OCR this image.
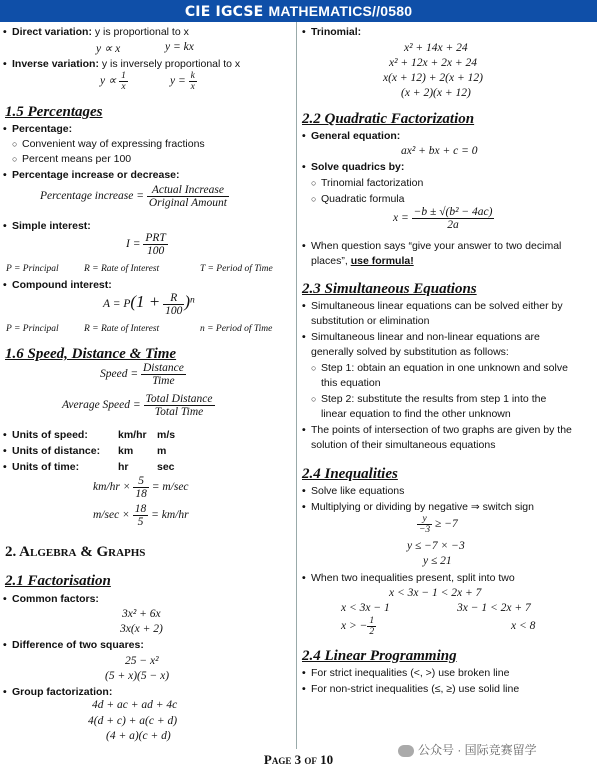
CIE IGCSE MATHEMATICS//0580
• Direct variation: y is proportional to x
y ∝ x	y = kx
• Inverse variation: y is inversely proportional to x
$y \propto \frac{1}{x}$	$y = \frac{k}{x}$
1.5 Percentages
• Percentage:
○ Convenient way of expressing fractions
○ Percent means per 100
• Percentage increase or decrease:
Percentage increase = $\frac{\text{Actual Increase}}{\text{Original Amount}}$
• Simple interest:
$I = \frac{\text{PRT}}{100}$
P = Principal	R = Rate of Interest	T = Period of Time
• Compound interest:
$A = P(1 + \frac{R}{100} )^n$
P = Principal	R = Rate of Interest	n = Period of Time
1.6 Speed, Distance & Time
Speed = $\frac{\text{Distance}}{\text{Time}}$
Average Speed = $\frac{\text{Total Distance}}{\text{Total Time}}$
• Units of speed:	km/hr m/s
• Units of distance: km m
• Units of time:	hr	sec
$km/hr \times \frac{5}{18} = m/\sec$
$m/\sec \times \frac{18}{5} = km/hr$
2. Algebra & Graphs
2.1 Factorisation
• Common factors:
3x² + 6x
3x(x + 2)
• Difference of two squares:
25 − x²
(5 + x)(5 − x)
• Group factorization:
4d + ac + ad + 4c
4(d + c) + a(c + d)
(4 + a)(c + d)
• Trinomial:
x² + 14x + 24
x² + 12x + 2x + 24
x(x + 12) + 2(x + 12)
(x + 2)(x + 12)
2.2 Quadratic Factorization
• General equation:
ax² + bx + c = 0
• Solve quadrics by:
○ Trinomial factorization
○ Quadratic formula
$x = \frac{\text{−b ± √(b² − 4ac)}}{2a}$
• When question says “give your answer to two decimal
places”, use formula!
2.3 Simultaneous Equations
• Simultaneous linear equations can be solved either by
substitution or elimination
• Simultaneous linear and non-linear equations are
generally solved by substitution as follows:
○ Step 1: obtain an equation in one unknown and solve
this equation
○ Step 2: substitute the results from step 1 into the
linear equation to find the other unknown
• The points of intersection of two graphs are given by the
solution of their simultaneous equations
2.4 Inequalities
• Solve like equations
• Multiplying or dividing by negative ⇒ switch sign
$\frac{y}{-3} \ge -7$
y ≤ −7 × −3
y ≤ 21
• When two inequalities present, split into two
x < 3x − 1 < 2x + 7
x < 3x − 1	3x − 1 < 2x + 7
x > − $\frac{1}{2}$	x < 8
2.4 Linear Programming
• For strict inequalities (<, >) use broken line
• For non-strict inequalities (≤, ≥) use solid line
Page 3 of 10
公众号 · 国际竞赛留学
